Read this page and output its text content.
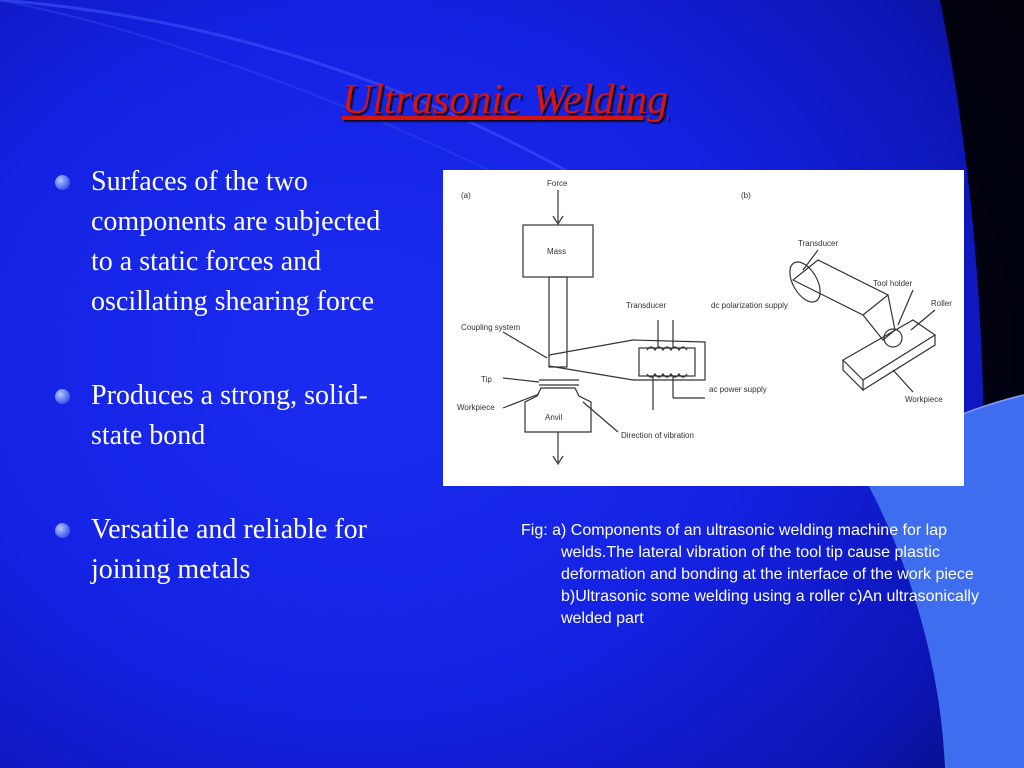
Ultrasonic Welding
Surfaces of the two components are subjected to a static forces and oscillating shearing force
Produces a strong, solid-state bond
Versatile and reliable for joining metals
(a)	(b)
Force
Mass
Coupling system
Transducer	dc polarization supply
Tip
ac power supply
Workpiece
Anvil
Direction of vibration
Transducer
Tool holder
Roller
Workpiece
Fig: a) Components of an ultrasonic welding machine for lap welds.The lateral vibration of the tool tip cause plastic deformation and bonding at the interface of the work piece b)Ultrasonic some welding using a roller c)An ultrasonically welded part
